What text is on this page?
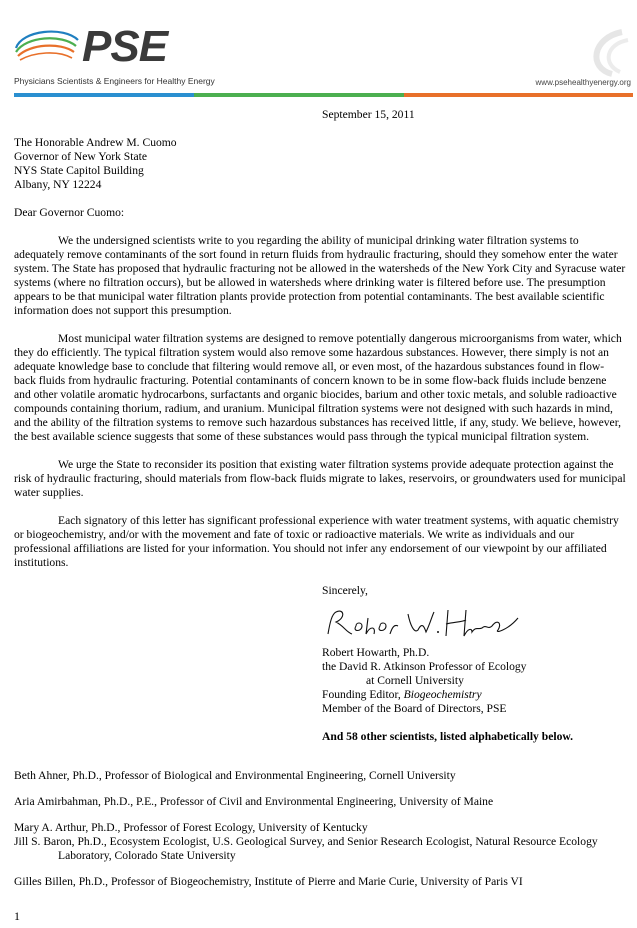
PSE
Physicians Scientists & Engineers for Healthy Energy	www.psehealthyenergy.org

September 15, 2011

The Honorable Andrew M. Cuomo

Governor of New York State

NYS State Capitol Building

Albany, NY 12224

Dear Governor Cuomo:

We the undersigned scientists write to you regarding the ability of municipal drinking water filtration systems to adequately remove contaminants of the sort found in return fluids from hydraulic fracturing, should they somehow enter the water system. The State has proposed that hydraulic fracturing not be allowed in the watersheds of the New York City and Syracuse water systems (where no filtration occurs), but be allowed in watersheds where drinking water is filtered before use. The presumption appears to be that municipal water filtration plants provide protection from potential contaminants. The best available scientific information does not support this presumption.

Most municipal water filtration systems are designed to remove potentially dangerous microorganisms from water, which they do efficiently. The typical filtration system would also remove some hazardous substances. However, there simply is not an adequate knowledge base to conclude that filtering would remove all, or even most, of the hazardous substances found in flow-back fluids from hydraulic fracturing. Potential contaminants of concern known to be in some flow-back fluids include benzene and other volatile aromatic hydrocarbons, surfactants and organic biocides, barium and other toxic metals, and soluble radioactive compounds containing thorium, radium, and uranium. Municipal filtration systems were not designed with such hazards in mind, and the ability of the filtration systems to remove such hazardous substances has received little, if any, study. We believe, however, the best available science suggests that some of these substances would pass through the typical municipal filtration system.

We urge the State to reconsider its position that existing water filtration systems provide adequate protection against the risk of hydraulic fracturing, should materials from flow-back fluids migrate to lakes, reservoirs, or groundwaters used for municipal water supplies.

Each signatory of this letter has significant professional experience with water treatment systems, with aquatic chemistry or biogeochemistry, and/or with the movement and fate of toxic or radioactive materials. We write as individuals and our professional affiliations are listed for your information. You should not infer any endorsement of our viewpoint by our affiliated institutions.

Sincerely,

Robert Howarth, Ph.D.

the David R. Atkinson Professor of Ecology

at Cornell University

Founding Editor, Biogeochemistry

Member of the Board of Directors, PSE

And 58 other scientists, listed alphabetically below.

Beth Ahner, Ph.D., Professor of Biological and Environmental Engineering, Cornell University

Aria Amirbahman, Ph.D., P.E., Professor of Civil and Environmental Engineering, University of Maine

Mary A. Arthur, Ph.D., Professor of Forest Ecology, University of Kentucky

Jill S. Baron, Ph.D., Ecosystem Ecologist, U.S. Geological Survey, and Senior Research Ecologist, Natural Resource Ecology Laboratory, Colorado State University

Gilles Billen, Ph.D., Professor of Biogeochemistry, Institute of Pierre and Marie Curie, University of Paris VI

1
